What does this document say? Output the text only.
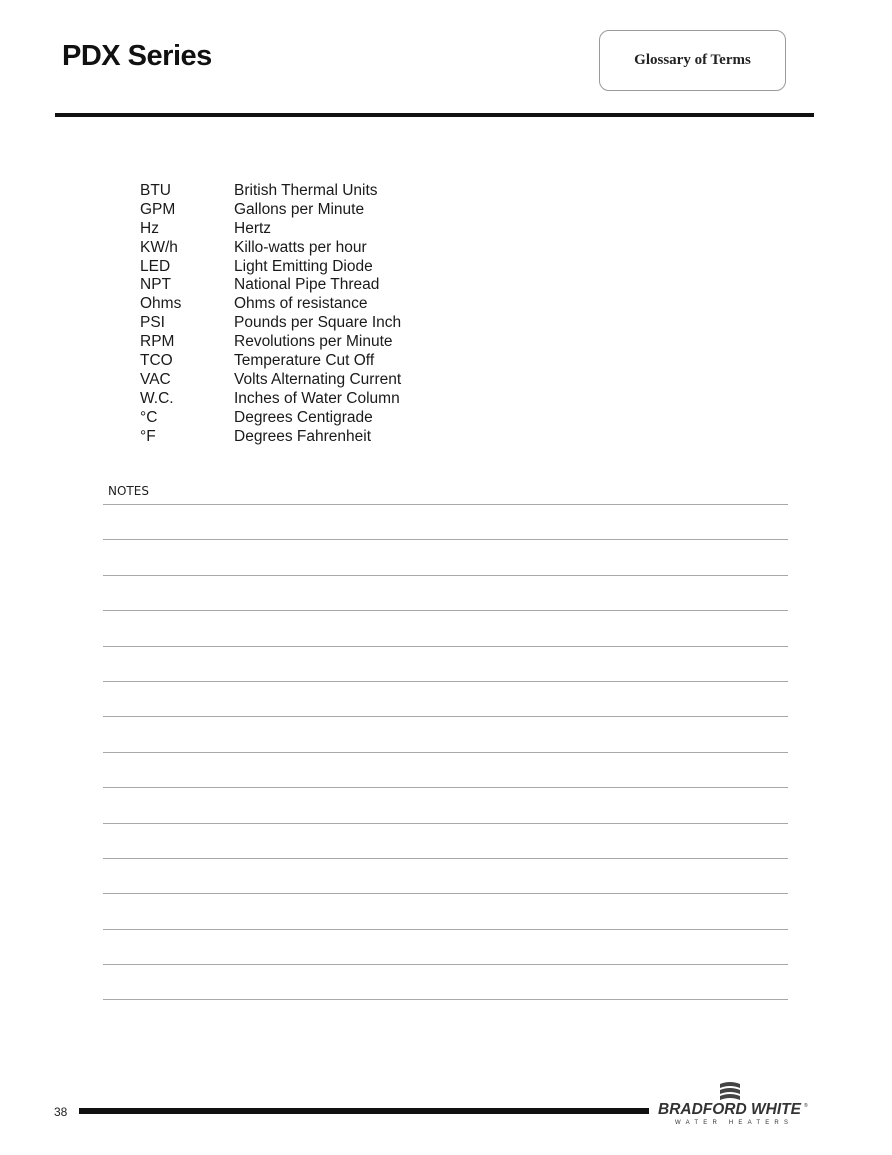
PDX Series	Glossary of Terms
BTU	British Thermal Units
GPM	Gallons per Minute
Hz	Hertz
KW/h	Killo-watts per hour
LED	Light Emitting Diode
NPT	National Pipe Thread
Ohms	Ohms of resistance
PSI	Pounds per Square Inch
RPM	Revolutions per Minute
TCO	Temperature Cut Off
VAC	Volts Alternating Current
W.C.	Inches of Water Column
°C	Degrees Centigrade
°F	Degrees Fahrenheit
NOTES
38	BRADFORD WHITE ®
WATER HEATERS
